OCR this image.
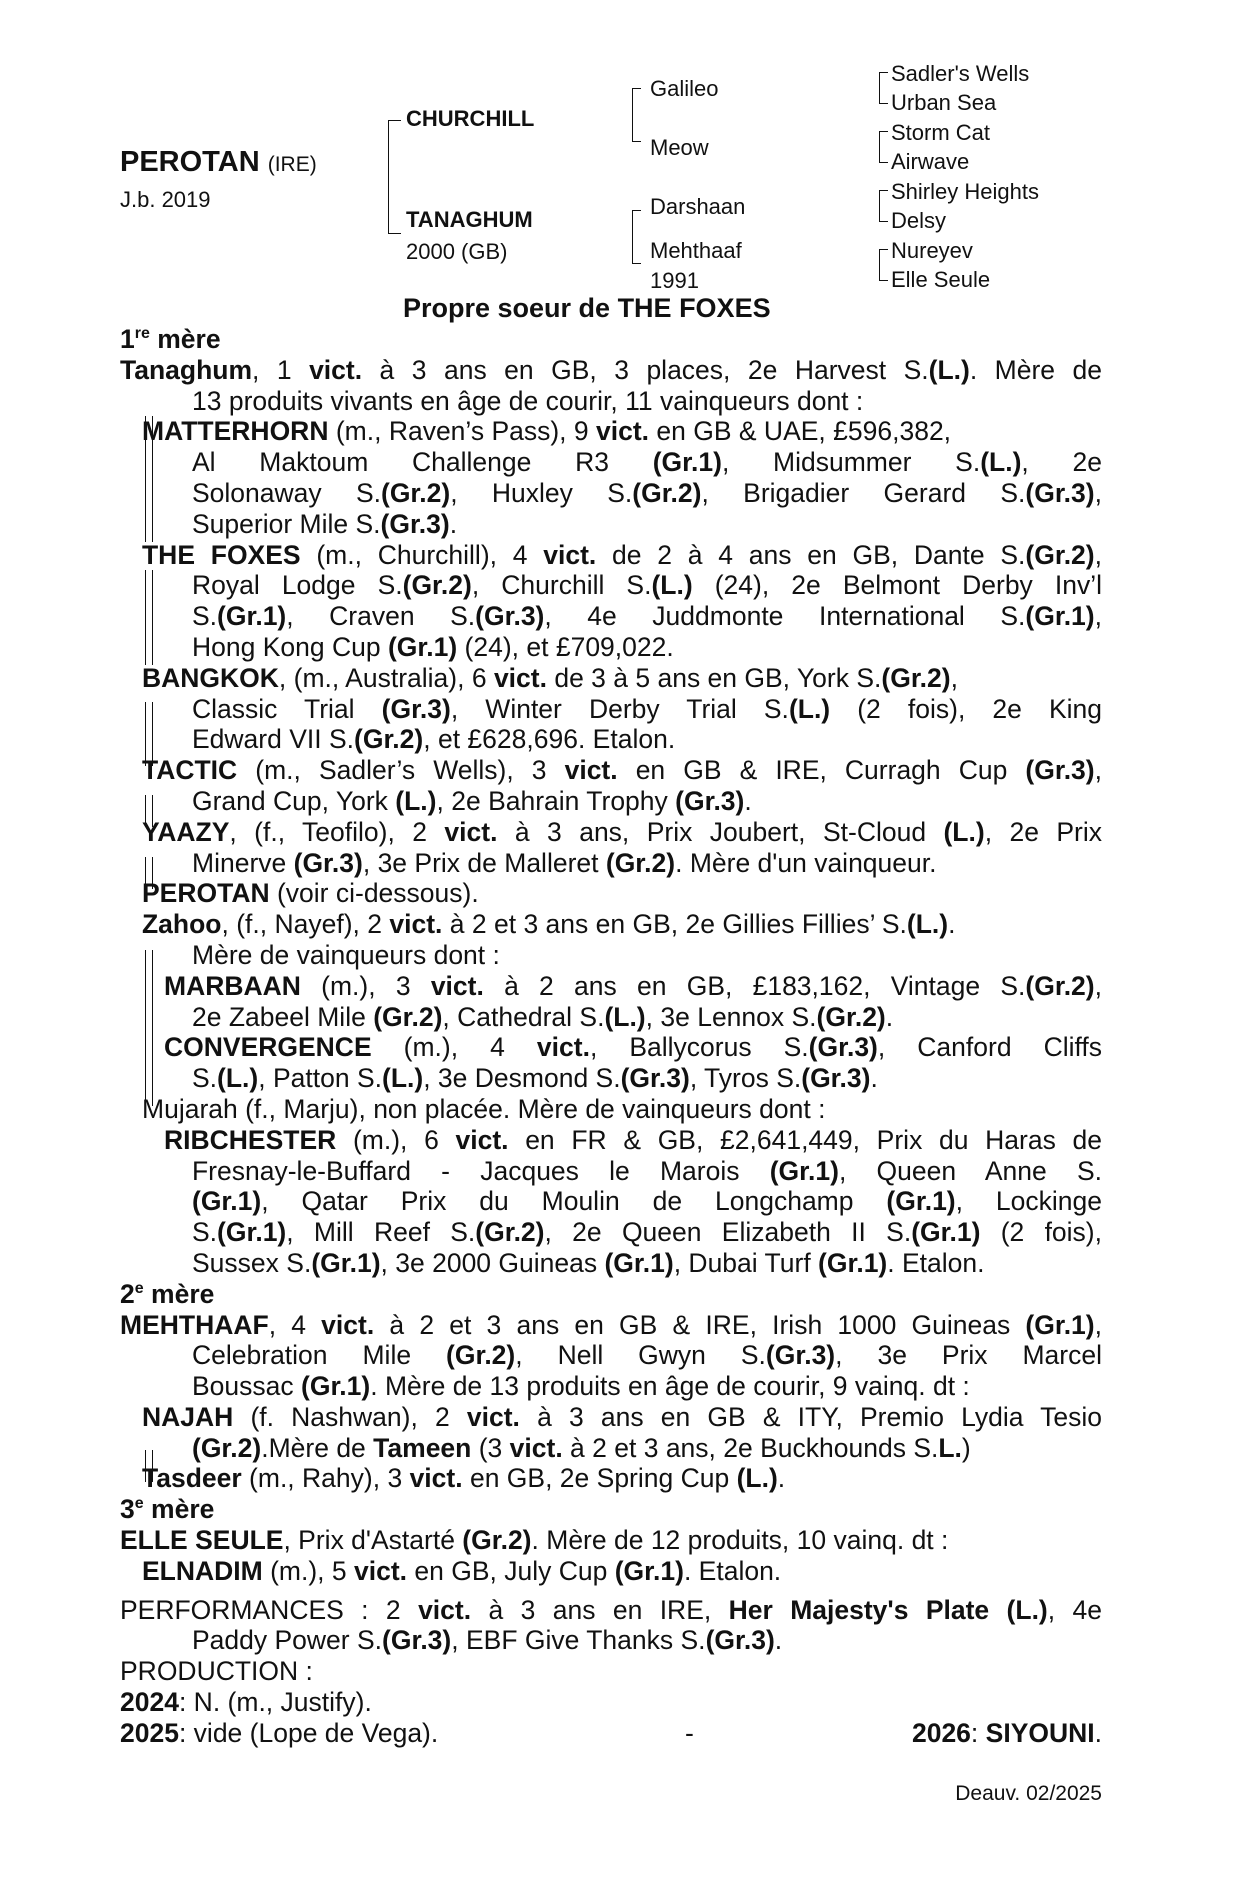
PEROTAN (IRE)
J.b. 2019
CHURCHILL
TANAGHUM
2000 (GB)
Galileo
Meow
Darshaan
Mehthaaf
1991
Sadler's Wells
Urban Sea
Storm Cat
Airwave
Shirley Heights
Delsy
Nureyev
Elle Seule
Propre soeur de THE FOXES
1re mère
Tanaghum, 1 vict. à 3 ans en GB, 3 places, 2e Harvest S.(L.). Mère de
13 produits vivants en âge de courir, 11 vainqueurs dont :
MATTERHORN (m., Raven’s Pass), 9 vict. en GB & UAE, £596,382,
Al Maktoum Challenge R3 (Gr.1), Midsummer S.(L.), 2e
Solonaway S.(Gr.2), Huxley S.(Gr.2), Brigadier Gerard S.(Gr.3),
Superior Mile S.(Gr.3).
THE FOXES (m., Churchill), 4 vict. de 2 à 4 ans en GB, Dante S.(Gr.2),
Royal Lodge S.(Gr.2), Churchill S.(L.) (24), 2e Belmont Derby Inv’l
S.(Gr.1), Craven S.(Gr.3), 4e Juddmonte International S.(Gr.1),
Hong Kong Cup (Gr.1) (24), et £709,022.
BANGKOK, (m., Australia), 6 vict. de 3 à 5 ans en GB, York S.(Gr.2),
Classic Trial (Gr.3), Winter Derby Trial S.(L.) (2 fois), 2e King
Edward VII S.(Gr.2), et £628,696. Etalon.
TACTIC (m., Sadler’s Wells), 3 vict. en GB & IRE, Curragh Cup (Gr.3),
Grand Cup, York (L.), 2e Bahrain Trophy (Gr.3).
YAAZY, (f., Teofilo), 2 vict. à 3 ans, Prix Joubert, St-Cloud (L.), 2e Prix
Minerve (Gr.3), 3e Prix de Malleret (Gr.2). Mère d'un vainqueur.
PEROTAN (voir ci-dessous).
Zahoo, (f., Nayef), 2 vict. à 2 et 3 ans en GB, 2e Gillies Fillies’ S.(L.).
Mère de vainqueurs dont :
MARBAAN (m.), 3 vict. à 2 ans en GB, £183,162, Vintage S.(Gr.2),
2e Zabeel Mile (Gr.2), Cathedral S.(L.), 3e Lennox S.(Gr.2).
CONVERGENCE (m.), 4 vict., Ballycorus S.(Gr.3), Canford Cliffs
S.(L.), Patton S.(L.), 3e Desmond S.(Gr.3), Tyros S.(Gr.3).
Mujarah (f., Marju), non placée. Mère de vainqueurs dont :
RIBCHESTER (m.), 6 vict. en FR & GB, £2,641,449, Prix du Haras de
Fresnay-le-Buffard - Jacques le Marois (Gr.1), Queen Anne S.
(Gr.1), Qatar Prix du Moulin de Longchamp (Gr.1), Lockinge
S.(Gr.1), Mill Reef S.(Gr.2), 2e Queen Elizabeth II S.(Gr.1) (2 fois),
Sussex S.(Gr.1), 3e 2000 Guineas (Gr.1), Dubai Turf (Gr.1). Etalon.
2e mère
MEHTHAAF, 4 vict. à 2 et 3 ans en GB & IRE, Irish 1000 Guineas (Gr.1),
Celebration Mile (Gr.2), Nell Gwyn S.(Gr.3), 3e Prix Marcel
Boussac (Gr.1). Mère de 13 produits en âge de courir, 9 vainq. dt :
NAJAH (f. Nashwan), 2 vict. à 3 ans en GB & ITY, Premio Lydia Tesio
(Gr.2).Mère de Tameen (3 vict. à 2 et 3 ans, 2e Buckhounds S.L.)
Tasdeer (m., Rahy), 3 vict. en GB, 2e Spring Cup (L.).
3e mère
ELLE SEULE, Prix d'Astarté (Gr.2). Mère de 12 produits, 10 vainq. dt :
ELNADIM (m.), 5 vict. en GB, July Cup (Gr.1). Etalon.
PERFORMANCES : 2 vict. à 3 ans en IRE, Her Majesty's Plate (L.), 4e
Paddy Power S.(Gr.3), EBF Give Thanks S.(Gr.3).
PRODUCTION :
2024: N. (m., Justify).
2025: vide (Lope de Vega).	-	2026: SIYOUNI.
Deauv. 02/2025
